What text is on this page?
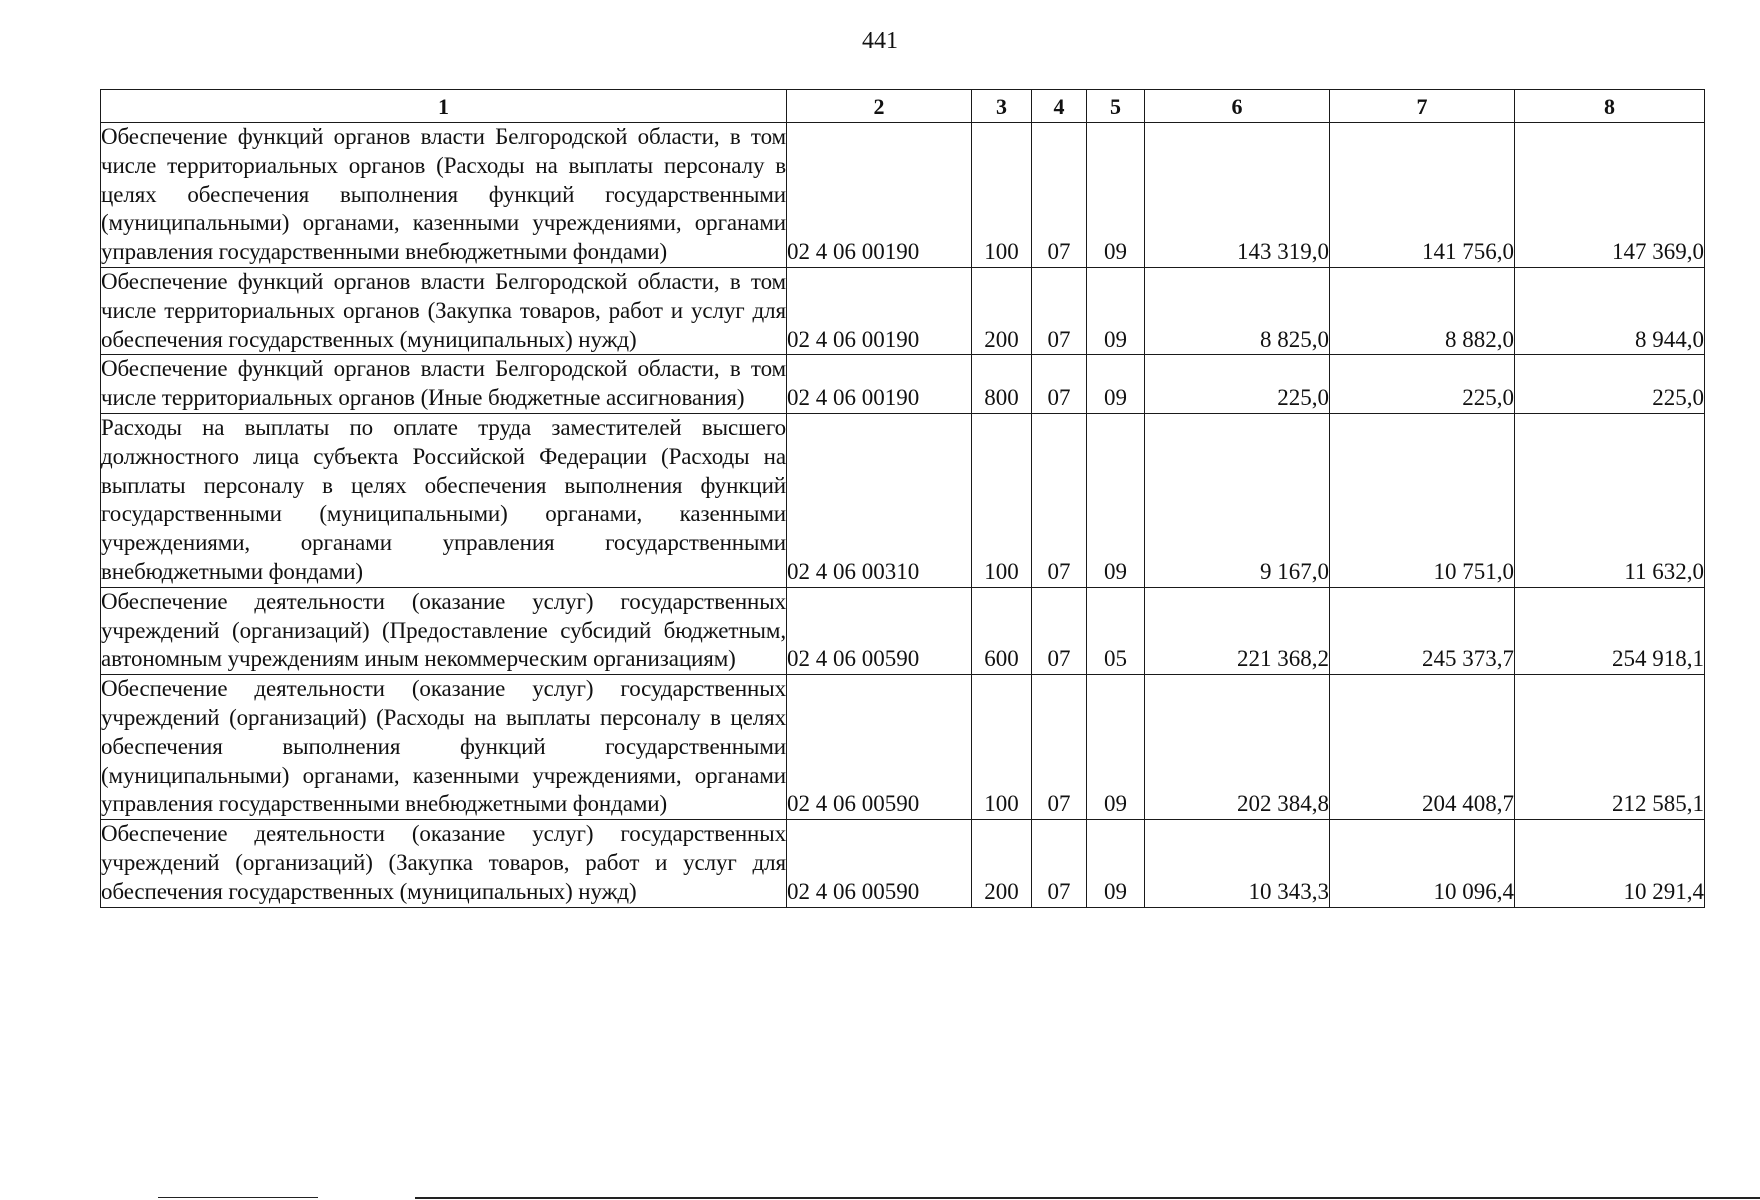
441
1	2	3	4	5	6	7	8
Обеспечение функций органов власти Белгородской области, в том числе территориальных органов (Расходы на выплаты персоналу в целях обеспечения выполнения функций государственными (муниципальными) органами, казенными учреждениями, органами управления государственными внебюджетными фондами)	02 4 06 00190	100	07	09	143 319,0	141 756,0	147 369,0
Обеспечение функций органов власти Белгородской области, в том числе территориальных органов (Закупка товаров, работ и услуг для обеспечения государственных (муниципальных) нужд)	02 4 06 00190	200	07	09	8 825,0	8 882,0	8 944,0
Обеспечение функций органов власти Белгородской области, в том числе территориальных органов (Иные бюджетные ассигнования)	02 4 06 00190	800	07	09	225,0	225,0	225,0
Расходы на выплаты по оплате труда заместителей высшего должностного лица субъекта Российской Федерации (Расходы на выплаты персоналу в целях обеспечения выполнения функций государственными (муниципальными) органами, казенными учреждениями, органами управления государственными внебюджетными фондами)	02 4 06 00310	100	07	09	9 167,0	10 751,0	11 632,0
Обеспечение деятельности (оказание услуг) государственных учреждений (организаций) (Предоставление субсидий бюджетным, автономным учреждениям иным некоммерческим организациям)	02 4 06 00590	600	07	05	221 368,2	245 373,7	254 918,1
Обеспечение деятельности (оказание услуг) государственных учреждений (организаций) (Расходы на выплаты персоналу в целях обеспечения выполнения функций государственными (муниципальными) органами, казенными учреждениями, органами управления государственными внебюджетными фондами)	02 4 06 00590	100	07	09	202 384,8	204 408,7	212 585,1
Обеспечение деятельности (оказание услуг) государственных учреждений (организаций) (Закупка товаров, работ и услуг для обеспечения государственных (муниципальных) нужд)	02 4 06 00590	200	07	09	10 343,3	10 096,4	10 291,4
